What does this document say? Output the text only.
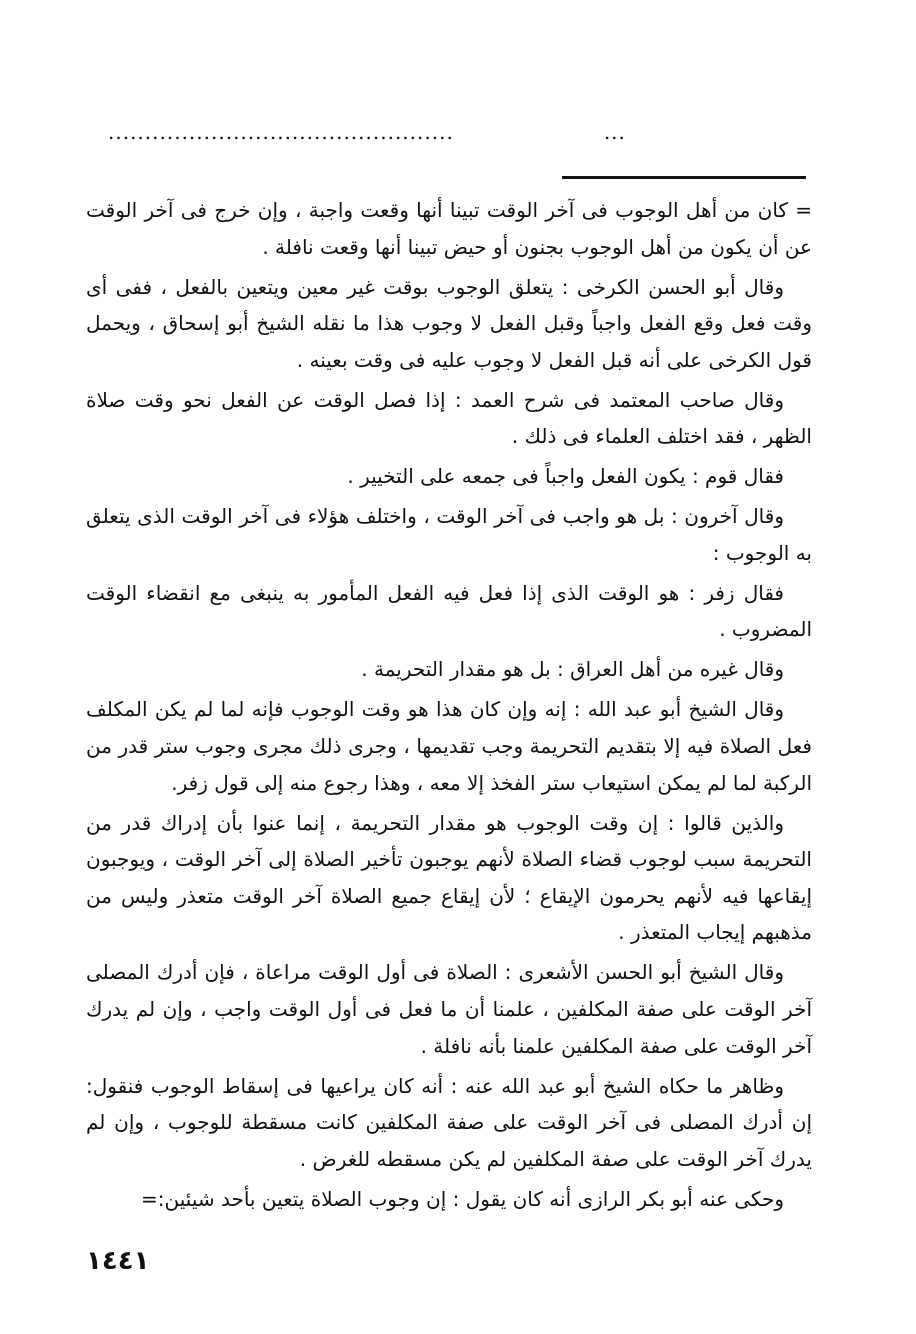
...............................................	...

= كان من أهل الوجوب فى آخر الوقت تبينا أنها وقعت واجبة ، وإن خرج فى آخر الوقت عن أن يكون من أهل الوجوب بجنون أو حيض تبينا أنها وقعت نافلة .

وقال أبو الحسن الكرخى : يتعلق الوجوب بوقت غير معين ويتعين بالفعل ، ففى أى وقت فعل وقع الفعل واجباً وقبل الفعل لا وجوب هذا ما نقله الشيخ أبو إسحاق ، ويحمل قول الكرخى على أنه قبل الفعل لا وجوب عليه فى وقت بعينه .

وقال صاحب المعتمد فى شرح العمد : إذا فصل الوقت عن الفعل نحو وقت صلاة الظهر ، فقد اختلف العلماء فى ذلك .

فقال قوم : يكون الفعل واجباً فى جمعه على التخيير .

وقال آخرون : بل هو واجب فى آخر الوقت ، واختلف هؤلاء فى آخر الوقت الذى يتعلق به الوجوب :

فقال زفر : هو الوقت الذى إذا فعل فيه الفعل المأمور به ينبغى مع انقضاء الوقت المضروب .

وقال غيره من أهل العراق : بل هو مقدار التحريمة .

وقال الشيخ أبو عبد الله : إنه وإن كان هذا هو وقت الوجوب فإنه لما لم يكن المكلف فعل الصلاة فيه إلا بتقديم التحريمة وجب تقديمها ، وجرى ذلك مجرى وجوب ستر قدر من الركبة لما لم يمكن استيعاب ستر الفخذ إلا معه ، وهذا رجوع منه إلى قول زفر.

والذين قالوا : إن وقت الوجوب هو مقدار التحريمة ، إنما عنوا بأن إدراك قدر من التحريمة سبب لوجوب قضاء الصلاة لأنهم يوجبون تأخير الصلاة إلى آخر الوقت ، ويوجبون إيقاعها فيه لأنهم يحرمون الإيقاع ؛ لأن إيقاع جميع الصلاة آخر الوقت متعذر وليس من مذهبهم إيجاب المتعذر .

وقال الشيخ أبو الحسن الأشعرى : الصلاة فى أول الوقت مراعاة ، فإن أدرك المصلى آخر الوقت على صفة المكلفين ، علمنا أن ما فعل فى أول الوقت واجب ، وإن لم يدرك آخر الوقت على صفة المكلفين علمنا بأنه نافلة .

وظاهر ما حكاه الشيخ أبو عبد الله عنه : أنه كان يراعيها فى إسقاط الوجوب فنقول: إن أدرك المصلى فى آخر الوقت على صفة المكلفين كانت مسقطة للوجوب ، وإن لم يدرك آخر الوقت على صفة المكلفين لم يكن مسقطه للغرض .

وحكى عنه أبو بكر الرازى أنه كان يقول : إن وجوب الصلاة يتعين بأحد شيئين:=

١٤٤١
